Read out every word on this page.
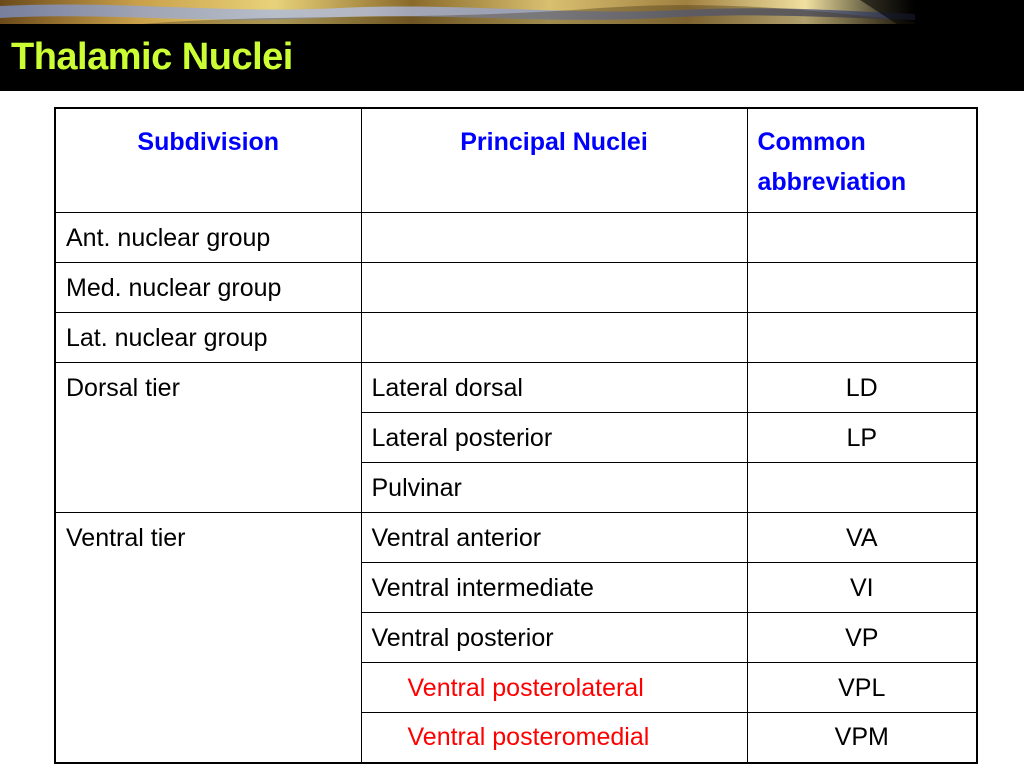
Thalamic Nuclei
Subdivision	Principal Nuclei	Common abbreviation
Ant. nuclear group		
Med. nuclear group		
Lat. nuclear group		
Dorsal tier	Lateral dorsal	LD
	Lateral posterior	LP
	Pulvinar	
Ventral tier	Ventral anterior	VA
	Ventral intermediate	VI
	Ventral posterior	VP
	Ventral posterolateral	VPL
	Ventral posteromedial	VPM
